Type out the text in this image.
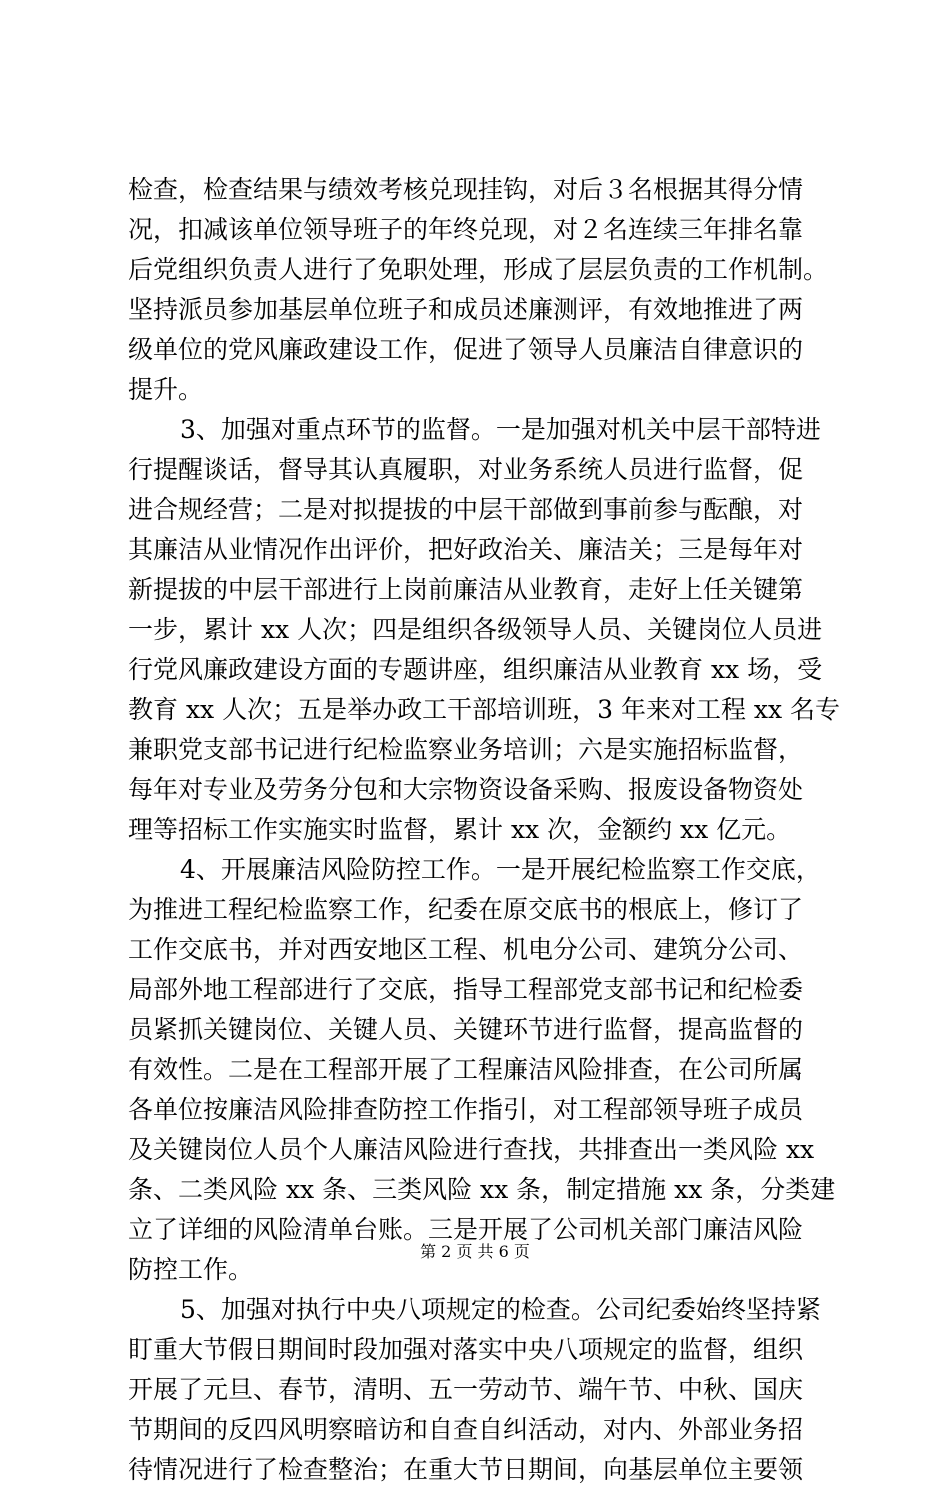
检查，检查结果与绩效考核兑现挂钩，对后３名根据其得分情
况，扣减该单位领导班子的年终兑现，对２名连续三年排名靠
后党组织负责人进行了免职处理，形成了层层负责的工作机制。
坚持派员参加基层单位班子和成员述廉测评，有效地推进了两
级单位的党风廉政建设工作，促进了领导人员廉洁自律意识的
提升。
3、加强对重点环节的监督。一是加强对机关中层干部特进
行提醒谈话，督导其认真履职，对业务系统人员进行监督，促
进合规经营；二是对拟提拔的中层干部做到事前参与酝酿，对
其廉洁从业情况作出评价，把好政治关、廉洁关；三是每年对
新提拔的中层干部进行上岗前廉洁从业教育，走好上任关键第
一步，累计 xx 人次；四是组织各级领导人员、关键岗位人员进
行党风廉政建设方面的专题讲座，组织廉洁从业教育 xx 场，受
教育 xx 人次；五是举办政工干部培训班，3 年来对工程 xx 名专
兼职党支部书记进行纪检监察业务培训；六是实施招标监督，
每年对专业及劳务分包和大宗物资设备采购、报废设备物资处
理等招标工作实施实时监督，累计 xx 次，金额约 xx 亿元。
4、开展廉洁风险防控工作。一是开展纪检监察工作交底，
为推进工程纪检监察工作，纪委在原交底书的根底上，修订了
工作交底书，并对西安地区工程、机电分公司、建筑分公司、
局部外地工程部进行了交底，指导工程部党支部书记和纪检委
员紧抓关键岗位、关键人员、关键环节进行监督，提高监督的
有效性。二是在工程部开展了工程廉洁风险排查，在公司所属
各单位按廉洁风险排查防控工作指引，对工程部领导班子成员
及关键岗位人员个人廉洁风险进行查找，共排查出一类风险 xx
条、二类风险 xx 条、三类风险 xx 条，制定措施 xx 条，分类建
立了详细的风险清单台账。三是开展了公司机关部门廉洁风险
防控工作。
5、加强对执行中央八项规定的检查。公司纪委始终坚持紧
盯重大节假日期间时段加强对落实中央八项规定的监督，组织
开展了元旦、春节，清明、五一劳动节、端午节、中秋、国庆
节期间的反四风明察暗访和自查自纠活动，对内、外部业务招
待情况进行了检查整治；在重大节日期间，向基层单位主要领
第 2 页 共 6 页
